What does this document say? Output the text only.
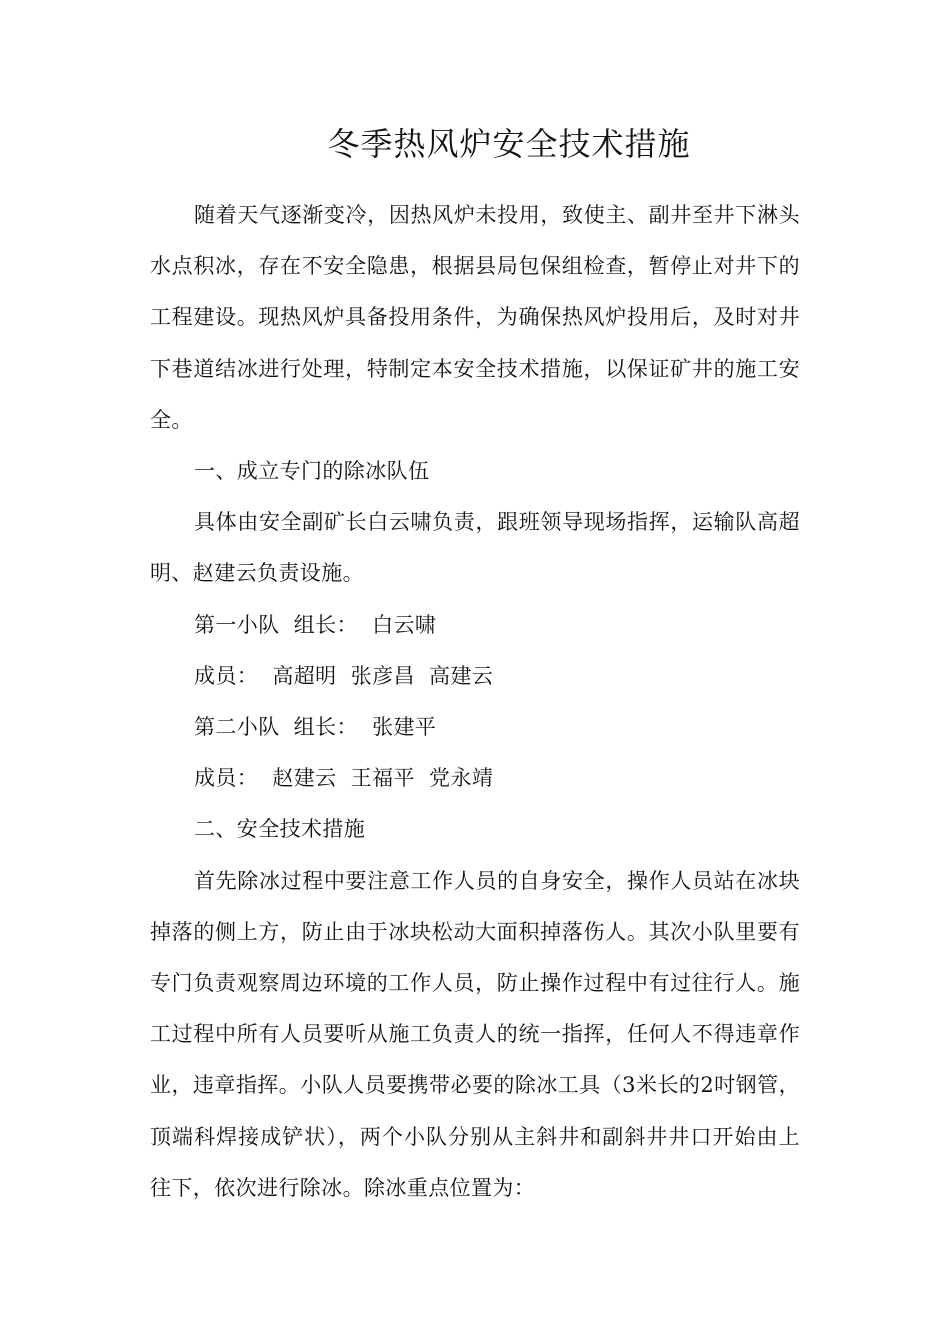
冬季热风炉安全技术措施

随着天气逐渐变冷，因热风炉未投用，致使主、副井至井下淋头水点积冰，存在不安全隐患，根据县局包保组检查，暂停止对井下的工程建设。现热风炉具备投用条件，为确保热风炉投用后，及时对井下巷道结冰进行处理，特制定本安全技术措施，以保证矿井的施工安全。

一、成立专门的除冰队伍

具体由安全副矿长白云啸负责，跟班领导现场指挥，运输队高超明、赵建云负责设施。

第一小队  组长：  白云啸

成员：  高超明  张彦昌  高建云

第二小队  组长：  张建平

成员：  赵建云  王福平  党永靖

二、安全技术措施

首先除冰过程中要注意工作人员的自身安全，操作人员站在冰块掉落的侧上方，防止由于冰块松动大面积掉落伤人。其次小队里要有专门负责观察周边环境的工作人员，防止操作过程中有过往行人。施工过程中所有人员要听从施工负责人的统一指挥，任何人不得违章作业，违章指挥。小队人员要携带必要的除冰工具（3米长的2吋钢管，顶端科焊接成铲状），两个小队分别从主斜井和副斜井井口开始由上往下，依次进行除冰。除冰重点位置为：
